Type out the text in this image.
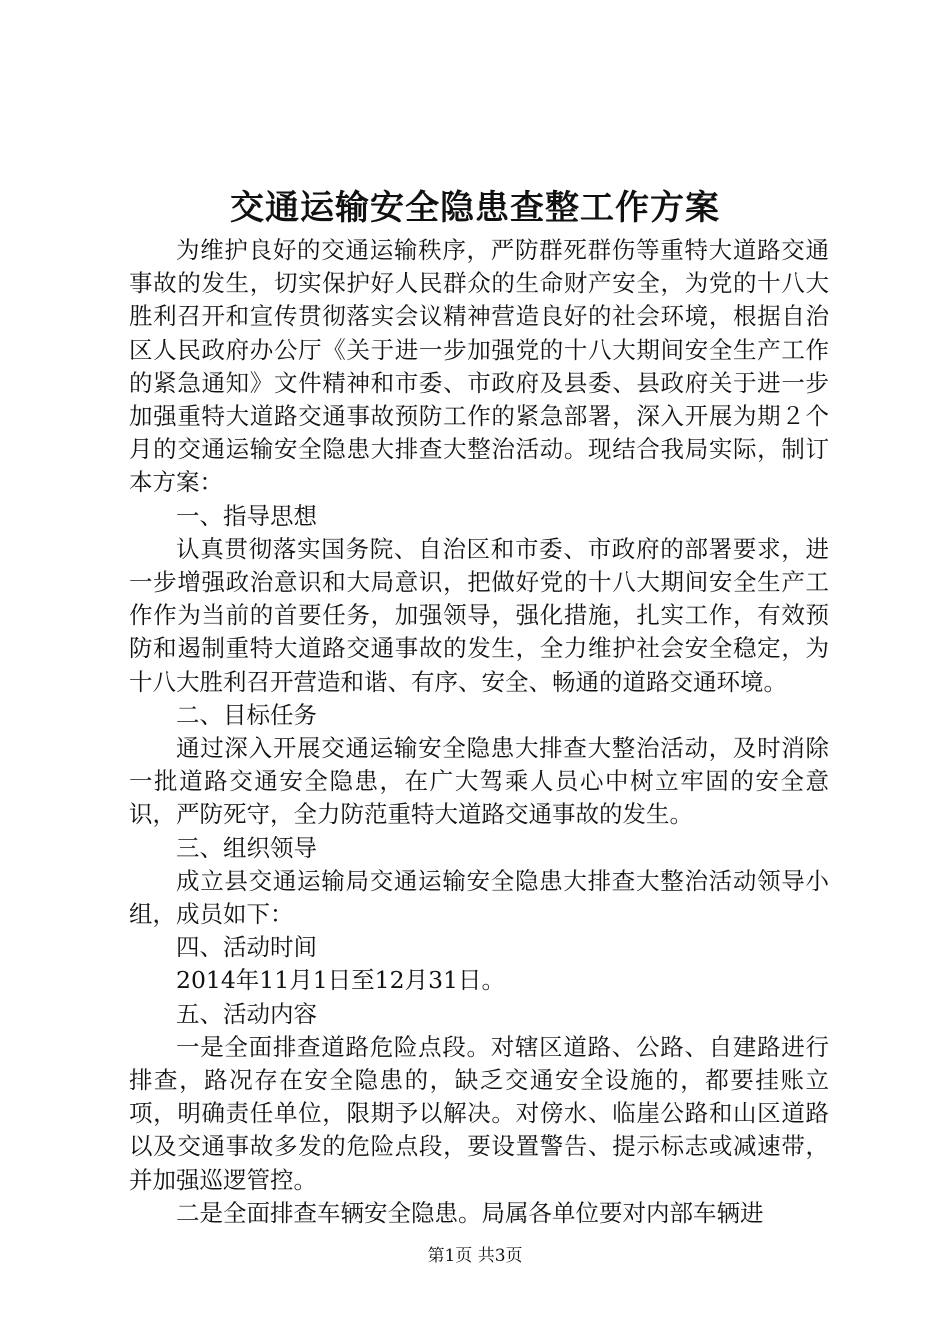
交通运输安全隐患查整工作方案

为维护良好的交通运输秩序，严防群死群伤等重特大道路交通事故的发生，切实保护好人民群众的生命财产安全，为党的十八大胜利召开和宣传贯彻落实会议精神营造良好的社会环境，根据自治区人民政府办公厅《关于进一步加强党的十八大期间安全生产工作的紧急通知》文件精神和市委、市政府及县委、县政府关于进一步加强重特大道路交通事故预防工作的紧急部署，深入开展为期２个月的交通运输安全隐患大排查大整治活动。现结合我局实际，制订本方案：

一、指导思想

认真贯彻落实国务院、自治区和市委、市政府的部署要求，进一步增强政治意识和大局意识，把做好党的十八大期间安全生产工作作为当前的首要任务，加强领导，强化措施，扎实工作，有效预防和遏制重特大道路交通事故的发生，全力维护社会安全稳定，为十八大胜利召开营造和谐、有序、安全、畅通的道路交通环境。

二、目标任务

通过深入开展交通运输安全隐患大排查大整治活动，及时消除一批道路交通安全隐患，在广大驾乘人员心中树立牢固的安全意识，严防死守，全力防范重特大道路交通事故的发生。

三、组织领导

成立县交通运输局交通运输安全隐患大排查大整治活动领导小组，成员如下：

四、活动时间

2014年11月1日至12月31日。

五、活动内容

一是全面排查道路危险点段。对辖区道路、公路、自建路进行排查，路况存在安全隐患的，缺乏交通安全设施的，都要挂账立项，明确责任单位，限期予以解决。对傍水、临崖公路和山区道路以及交通事故多发的危险点段，要设置警告、提示标志或减速带，并加强巡逻管控。

二是全面排查车辆安全隐患。局属各单位要对内部车辆进

第1页 共3页
